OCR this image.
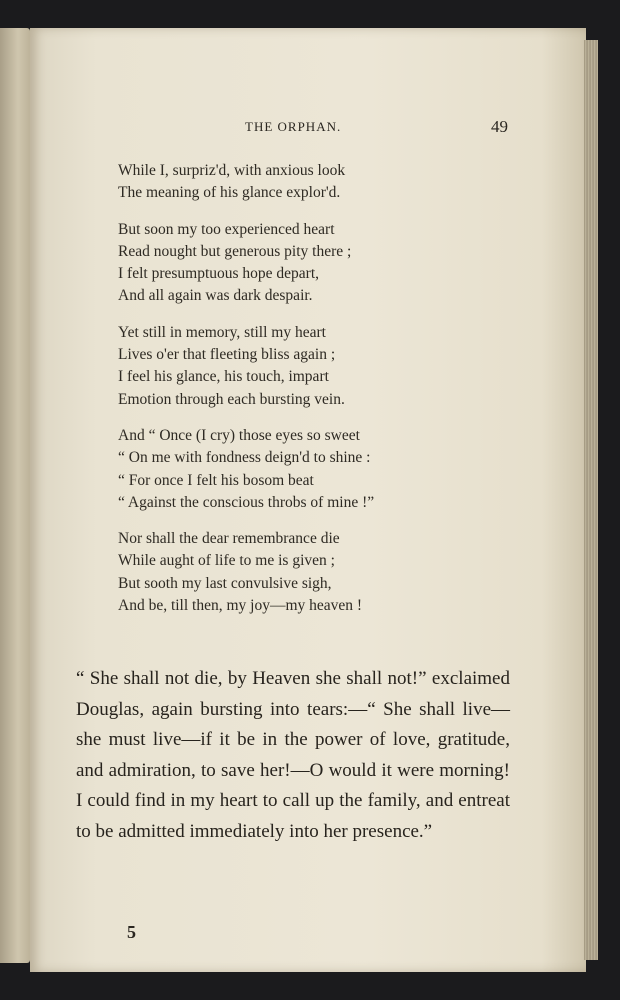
THE ORPHAN.	49
While I, surpriz'd, with anxious look
The meaning of his glance explor'd.
But soon my too experienced heart
Read nought but generous pity there ;
I felt presumptuous hope depart,
And all again was dark despair.
Yet still in memory, still my heart
Lives o'er that fleeting bliss again ;
I feel his glance, his touch, impart
Emotion through each bursting vein.
And “ Once (I cry) those eyes so sweet
“ On me with fondness deign'd to shine :
“ For once I felt his bosom beat
“ Against the conscious throbs of mine !”
Nor shall the dear remembrance die
While aught of life to me is given ;
But sooth my last convulsive sigh,
And be, till then, my joy—my heaven !
“ She shall not die, by Heaven she shall not!” exclaimed Douglas, again bursting into tears:—“ She shall live—she must live—if it be in the power of love, gratitude, and admiration, to save her!—O would it were morning! I could find in my heart to call up the family, and entreat to be admitted immediately into her presence.”
5
